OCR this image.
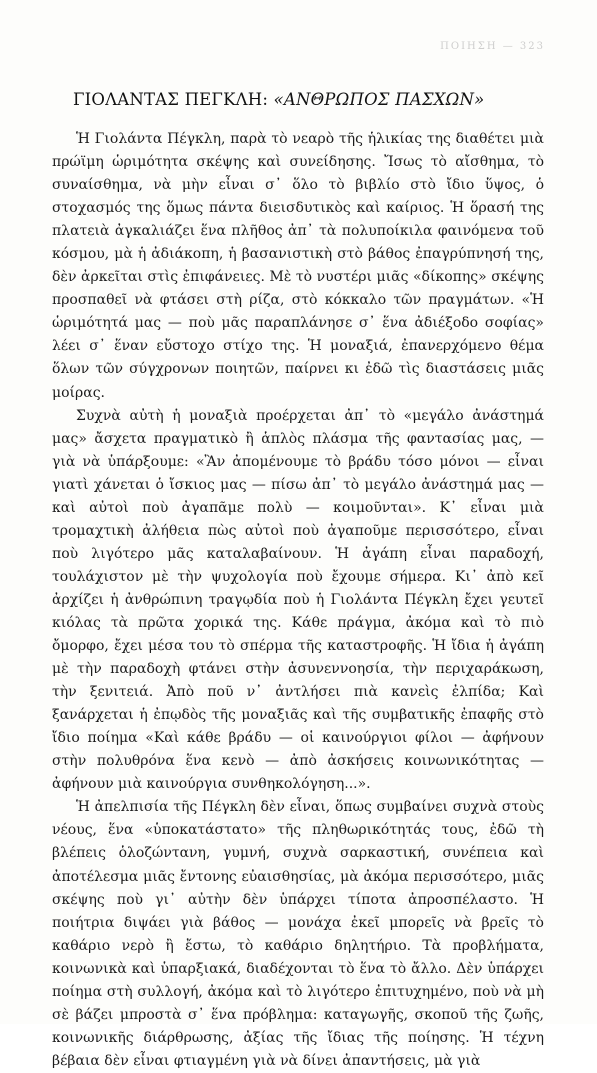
ΠΟΙΗΣΗ — 323
ΓΙΟΛΑΝΤΑΣ ΠΕΓΚΛΗ: «ΑΝΘΡΩΠΟΣ ΠΑΣΧΩΝ»

Ἡ Γιολάντα Πέγκλη, παρὰ τὸ νεαρὸ τῆς ἡλικίας της διαθέτει μιὰ πρώϊμη ὡριμότητα σκέψης καὶ συνείδησης. Ἴσως τὸ αἴσθημα, τὸ συναίσθημα, νὰ μὴν εἶναι σ᾿ ὅλο τὸ βιβλίο στὸ ἴδιο ὕψος, ὁ στοχασμός της ὅμως πάντα διεισδυτικὸς καὶ καίριος. Ἡ ὅρασή της πλατειὰ ἀγκαλιάζει ἕνα πλῆθος ἀπ᾿ τὰ πολυποίκιλα φαινόμενα τοῦ κόσμου, μὰ ἡ ἀδιάκοπη, ἡ βασανιστικὴ στὸ βάθος ἐπαγρύπνησή της, δὲν ἀρκεῖται στὶς ἐπιφάνειες. Μὲ τὸ νυστέρι μιᾶς «δίκοπης» σκέψης προσπαθεῖ νὰ φτάσει στὴ ρίζα, στὸ κόκκαλο τῶν πραγμάτων. «Ἡ ὡριμότητά μας — ποὺ μᾶς παραπλάνησε σ᾿ ἕνα ἀδιέξοδο σοφίας» λέει σ᾿ ἕναν εὔστοχο στίχο της. Ἡ μοναξιά, ἐπανερχόμενο θέμα ὅλων τῶν σύγχρονων ποιητῶν, παίρνει κι ἐδῶ τὶς διαστάσεις μιᾶς μοίρας.

Συχνὰ αὐτὴ ἡ μοναξιὰ προέρχεται ἀπ᾿ τὸ «μεγάλο ἀνάστημά μας» ἄσχετα πραγματικὸ ἢ ἁπλὸς πλάσμα τῆς φαντασίας μας, — γιὰ νὰ ὑπάρξουμε: «Ἂν ἀπομένουμε τὸ βράδυ τόσο μόνοι — εἶναι γιατὶ χάνεται ὁ ἴσκιος μας — πίσω ἀπ᾿ τὸ μεγάλο ἀνάστημά μας — καὶ αὐτοὶ ποὺ ἀγαπᾶμε πολὺ — κοιμοῦνται». Κ᾿ εἶναι μιὰ τρομαχτικὴ ἀλήθεια πὼς αὐτοὶ ποὺ ἀγαποῦμε περισσότερο, εἶναι ποὺ λιγότερο μᾶς καταλαβαίνουν. Ἡ ἀγάπη εἶναι παραδοχή, τουλάχιστον μὲ τὴν ψυχολογία ποὺ ἔχουμε σήμερα. Κι᾿ ἀπὸ κεῖ ἀρχίζει ἡ ἀνθρώπινη τραγῳδία ποὺ ἡ Γιολάντα Πέγκλη ἔχει γευτεῖ κιόλας τὰ πρῶτα χορικά της. Κάθε πράγμα, ἀκόμα καὶ τὸ πιὸ ὄμορφο, ἔχει μέσα του τὸ σπέρμα τῆς καταστροφῆς. Ἡ ἴδια ἡ ἀγάπη μὲ τὴν παραδοχὴ φτάνει στὴν ἀσυνεννοησία, τὴν περιχαράκωση, τὴν ξενιτειά. Ἀπὸ ποῦ ν᾿ ἀντλήσει πιὰ κανεὶς ἐλπίδα; Καὶ ξανάρχεται ἡ ἐπῳδὸς τῆς μοναξιᾶς καὶ τῆς συμβατικῆς ἐπαφῆς στὸ ἴδιο ποίημα «Καὶ κάθε βράδυ — οἱ καινούργιοι φίλοι — ἀφήνουν στὴν πολυθρόνα ἕνα κενὸ — ἀπὸ ἀσκήσεις κοινωνικότητας — ἀφήνουν μιὰ καινούργια συνθηκολόγηση...».

Ἡ ἀπελπισία τῆς Πέγκλη δὲν εἶναι, ὅπως συμβαίνει συχνὰ στοὺς νέους, ἕνα «ὑποκατάστατο» τῆς πληθωρικότητάς τους, ἐδῶ τὴ βλέπεις ὁλοζώντανη, γυμνή, συχνὰ σαρκαστική, συνέπεια καὶ ἀποτέλεσμα μιᾶς ἔντονης εὐαισθησίας, μὰ ἀκόμα περισσότερο, μιᾶς σκέψης ποὺ γι᾿ αὐτὴν δὲν ὑπάρχει τίποτα ἀπροσπέλαστο. Ἡ ποιήτρια διψάει γιὰ βάθος — μονάχα ἐκεῖ μπορεῖς νὰ βρεῖς τὸ καθάριο νερὸ ἢ ἔστω, τὸ καθάριο δηλητήριο. Τὰ προβλήματα, κοινωνικὰ καὶ ὑπαρξιακά, διαδέχονται τὸ ἕνα τὸ ἄλλο. Δὲν ὑπάρχει ποίημα στὴ συλλογή, ἀκόμα καὶ τὸ λιγότερο ἐπιτυχημένο, ποὺ νὰ μὴ σὲ βάζει μπροστὰ σ᾿ ἕνα πρόβλημα: καταγωγῆς, σκοποῦ τῆς ζωῆς, κοινωνικῆς διάρθρωσης, ἀξίας τῆς ἴδιας τῆς ποίησης. Ἡ τέχνη βέβαια δὲν εἶναι φτιαγμένη γιὰ νὰ δίνει ἀπαντήσεις, μὰ γιὰ
